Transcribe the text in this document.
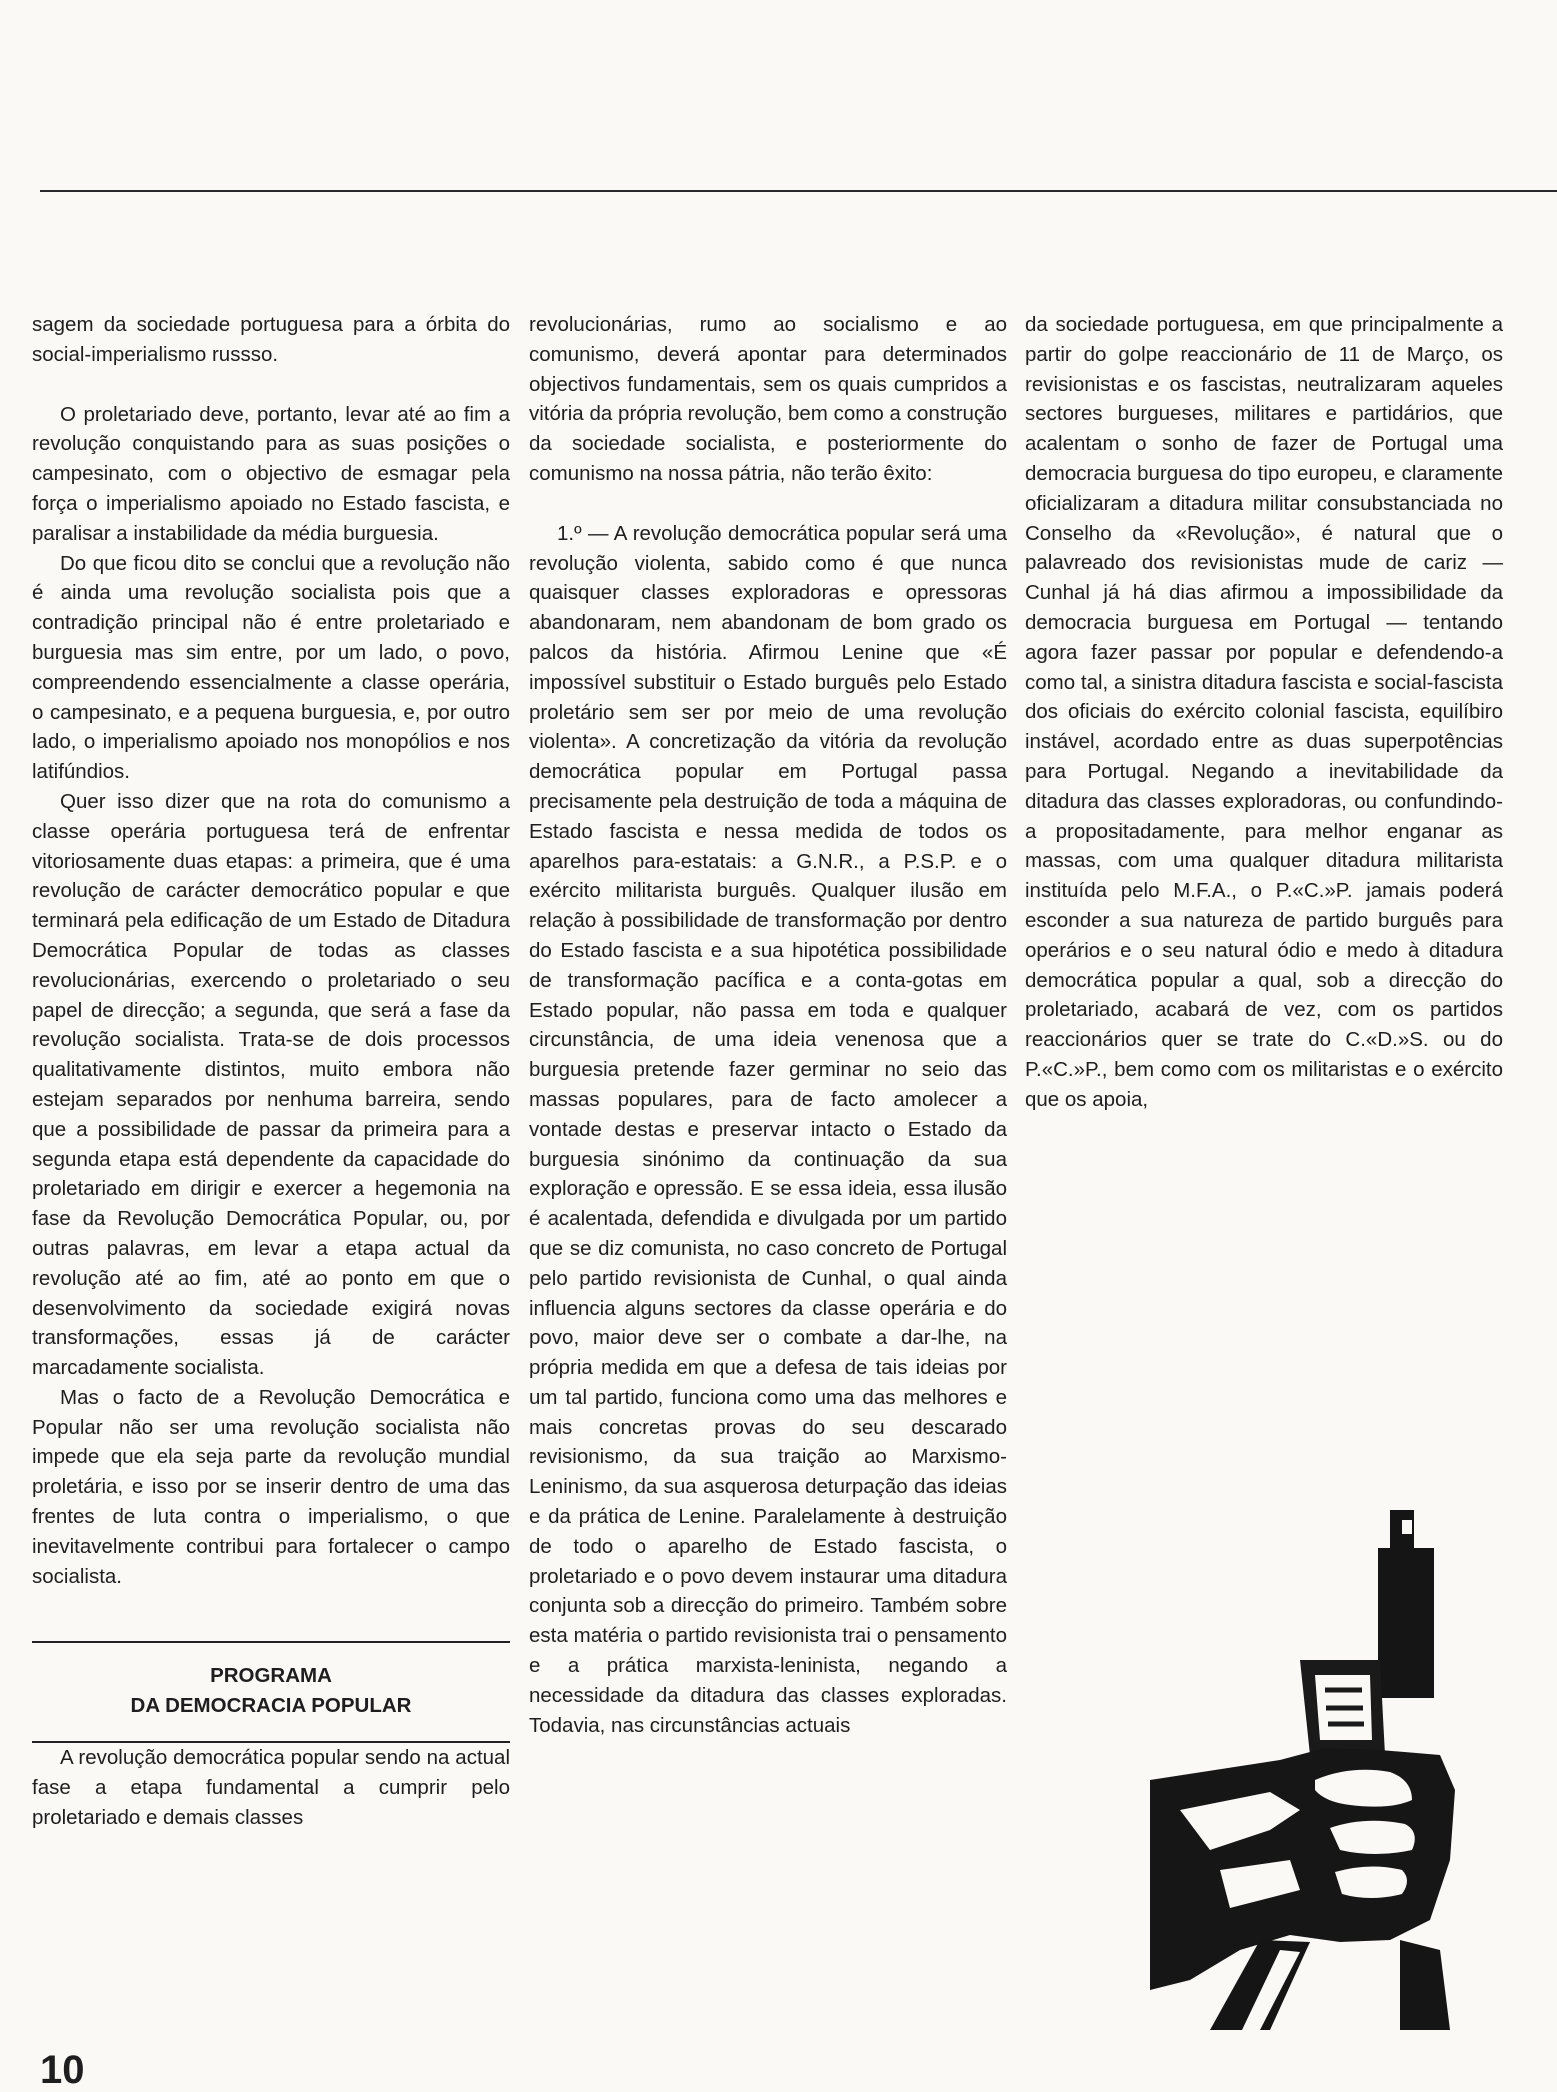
sagem da sociedade portuguesa para a órbita do social-imperialismo russso.

O proletariado deve, portanto, levar até ao fim a revolução conquistando para as suas posições o campesinato, com o objectivo de esmagar pela força o imperialismo apoiado no Estado fascista, e paralisar a instabilidade da média burguesia.

Do que ficou dito se conclui que a revolução não é ainda uma revolução socialista pois que a contradição principal não é entre proletariado e burguesia mas sim entre, por um lado, o povo, compreendendo essencialmente a classe operária, o campesinato, e a pequena burguesia, e, por outro lado, o imperialismo apoiado nos monopólios e nos latifúndios.

Quer isso dizer que na rota do comunismo a classe operária portuguesa terá de enfrentar vitoriosamente duas etapas: a primeira, que é uma revolução de carácter democrático popular e que terminará pela edificação de um Estado de Ditadura Democrática Popular de todas as classes revolucionárias, exercendo o proletariado o seu papel de direcção; a segunda, que será a fase da revolução socialista. Trata-se de dois processos qualitativamente distintos, muito embora não estejam separados por nenhuma barreira, sendo que a possibilidade de passar da primeira para a segunda etapa está dependente da capacidade do proletariado em dirigir e exercer a hegemonia na fase da Revolução Democrática Popular, ou, por outras palavras, em levar a etapa actual da revolução até ao fim, até ao ponto em que o desenvolvimento da sociedade exigirá novas transformações, essas já de carácter marcadamente socialista.

Mas o facto de a Revolução Democrática e Popular não ser uma revolução socialista não impede que ela seja parte da revolução mundial proletária, e isso por se inserir dentro de uma das frentes de luta contra o imperialismo, o que inevitavelmente contribui para fortalecer o campo socialista.

PROGRAMA
DA DEMOCRACIA POPULAR

A revolução democrática popular sendo na actual fase a etapa fundamental a cumprir pelo proletariado e demais classes

revolucionárias, rumo ao socialismo e ao comunismo, deverá apontar para determinados objectivos fundamentais, sem os quais cumpridos a vitória da própria revolução, bem como a construção da sociedade socialista, e posteriormente do comunismo na nossa pátria, não terão êxito:

1.º — A revolução democrática popular será uma revolução violenta, sabido como é que nunca quaisquer classes exploradoras e opressoras abandonaram, nem abandonam de bom grado os palcos da história. Afirmou Lenine que «É impossível substituir o Estado burguês pelo Estado proletário sem ser por meio de uma revolução violenta». A concretização da vitória da revolução democrática popular em Portugal passa precisamente pela destruição de toda a máquina de Estado fascista e nessa medida de todos os aparelhos para-estatais: a G.N.R., a P.S.P. e o exército militarista burguês. Qualquer ilusão em relação à possibilidade de transformação por dentro do Estado fascista e a sua hipotética possibilidade de transformação pacífica e a conta-gotas em Estado popular, não passa em toda e qualquer circunstância, de uma ideia venenosa que a burguesia pretende fazer germinar no seio das massas populares, para de facto amolecer a vontade destas e preservar intacto o Estado da burguesia sinónimo da continuação da sua exploração e opressão. E se essa ideia, essa ilusão é acalentada, defendida e divulgada por um partido que se diz comunista, no caso concreto de Portugal pelo partido revisionista de Cunhal, o qual ainda influencia alguns sectores da classe operária e do povo, maior deve ser o combate a dar-lhe, na própria medida em que a defesa de tais ideias por um tal partido, funciona como uma das melhores e mais concretas provas do seu descarado revisionismo, da sua traição ao Marxismo-Leninismo, da sua asquerosa deturpação das ideias e da prática de Lenine. Paralelamente à destruição de todo o aparelho de Estado fascista, o proletariado e o povo devem instaurar uma ditadura conjunta sob a direcção do primeiro. Também sobre esta matéria o partido revisionista trai o pensamento e a prática marxista-leninista, negando a necessidade da ditadura das classes exploradas. Todavia, nas circunstâncias actuais

da sociedade portuguesa, em que principalmente a partir do golpe reaccionário de 11 de Março, os revisionistas e os fascistas, neutralizaram aqueles sectores burgueses, militares e partidários, que acalentam o sonho de fazer de Portugal uma democracia burguesa do tipo europeu, e claramente oficializaram a ditadura militar consubstanciada no Conselho da «Revolução», é natural que o palavreado dos revisionistas mude de cariz — Cunhal já há dias afirmou a impossibilidade da democracia burguesa em Portugal — tentando agora fazer passar por popular e defendendo-a como tal, a sinistra ditadura fascista e social-fascista dos oficiais do exército colonial fascista, equilíbiro instável, acordado entre as duas superpotências para Portugal. Negando a inevitabilidade da ditadura das classes exploradoras, ou confundindo-a propositadamente, para melhor enganar as massas, com uma qualquer ditadura militarista instituída pelo M.F.A., o P.«C.»P. jamais poderá esconder a sua natureza de partido burguês para operários e o seu natural ódio e medo à ditadura democrática popular a qual, sob a direcção do proletariado, acabará de vez, com os partidos reaccionários quer se trate do C.«D.»S. ou do P.«C.»P., bem como com os militaristas e o exército que os apoia,

10
